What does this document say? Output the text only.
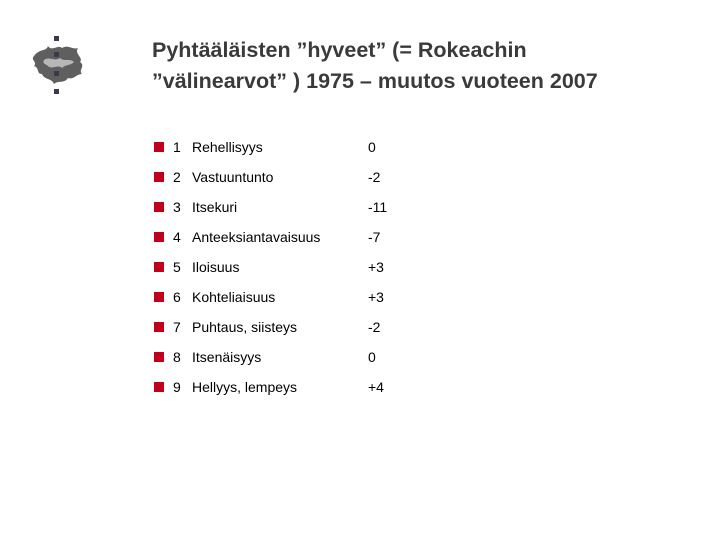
Pyhtääläisten ”hyveet” (= Rokeachin
”välinearvot” ) 1975 – muutos vuoteen 2007
1 Rehellisyys	0
2 Vastuuntunto	-2
3 Itsekuri	-11
4 Anteeksiantavaisuus	-7
5 Iloisuus	+3
6 Kohteliaisuus	+3
7 Puhtaus, siisteys	-2
8 Itsenäisyys	0
9 Hellyys, lempeys	+4
